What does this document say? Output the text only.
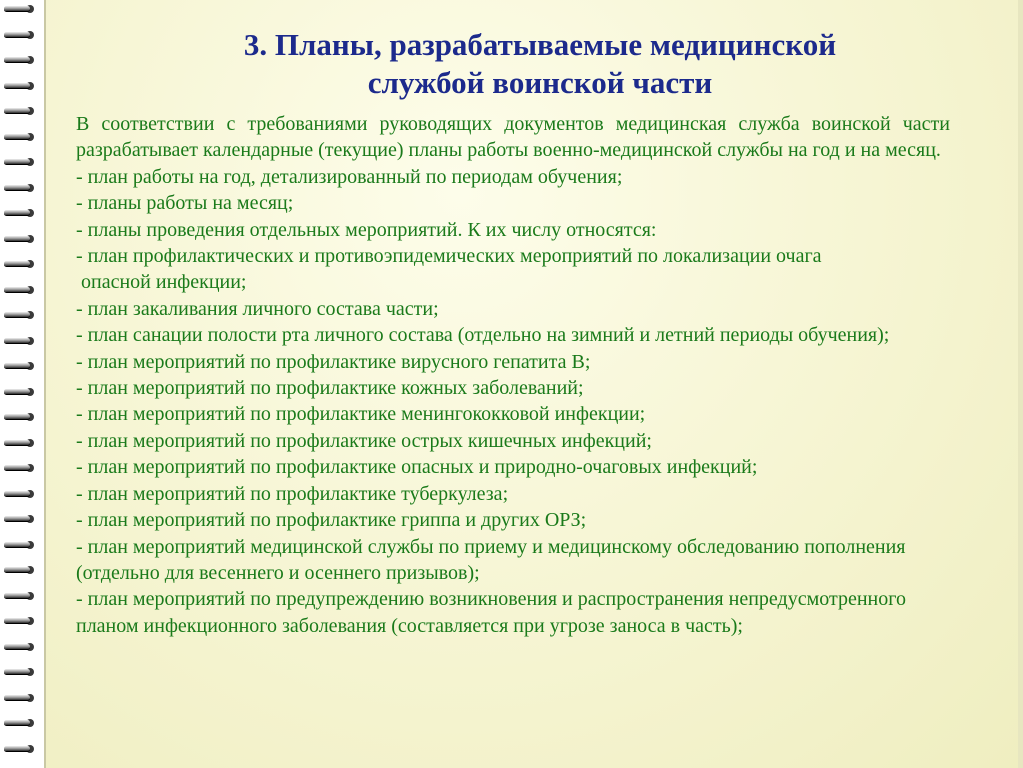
3. Планы, разрабатываемые медицинской
службой воинской части

В соответствии с требованиями руководящих документов медицинская служба воинской части разрабатывает календарные (текущие) планы работы военно-медицинской службы на год и на месяц.

- план работы на год, детализированный по периодам обучения;

- планы работы на месяц;

- планы проведения отдельных мероприятий. К их числу относятся:

- план профилактических и противоэпидемических мероприятий по локализации очага

опасной инфекции;

- план закаливания личного состава части;

- план санации полости рта личного состава (отдельно на зимний и летний периоды обучения);

- план мероприятий по профилактике вирусного гепатита В;

- план мероприятий по профилактике кожных заболеваний;

- план мероприятий по профилактике менингококковой инфекции;

- план мероприятий по профилактике острых кишечных инфекций;

- план мероприятий по профилактике опасных и природно-очаговых инфекций;

- план мероприятий по профилактике туберкулеза;

- план мероприятий по профилактике гриппа и других ОРЗ;

- план мероприятий медицинской службы по приему и медицинскому обследованию пополнения (отдельно для весеннего и осеннего призывов);

- план мероприятий по предупреждению возникновения и распространения непредусмотренного планом инфекционного заболевания (составляется при угрозе заноса в часть);
